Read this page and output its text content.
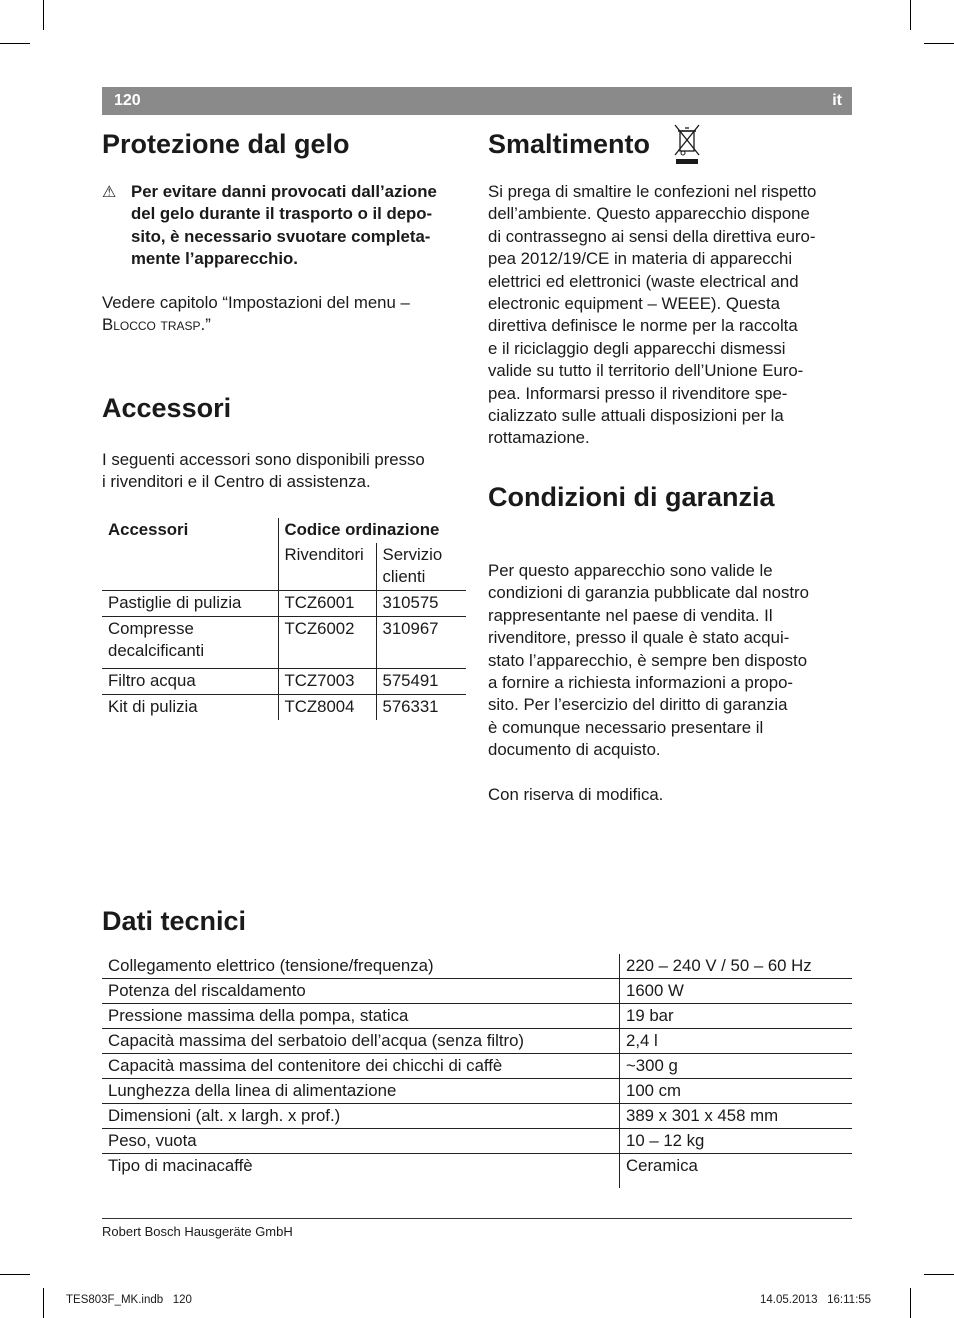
120	it
Protezione dal gelo
⚠ Per evitare danni provocati dall’azione
del gelo durante il trasporto o il depo-
sito, è necessario svuotare completa-
mente l’apparecchio.

Vedere capitolo “Impostazioni del menu –

Blocco trasp.”

Accessori

I seguenti accessori sono disponibili presso

i rivenditori e il Centro di assistenza.

Accessori	Codice ordinazione	
	Rivenditori	Servizio
clienti

Pastiglie di pulizia	TCZ6001	310575

Compresse
decalcificanti	TCZ6002	310967
Filtro acqua	TCZ7003	575491
Kit di pulizia	TCZ8004	576331
Smaltimento

Si prega di smaltire le confezioni nel rispetto

dell’ambiente. Questo apparecchio dispone

di contrassegno ai sensi della direttiva euro-

pea 2012/19/CE in materia di apparecchi

elettrici ed elettronici (waste electrical and

electronic equipment – WEEE). Questa

direttiva definisce le norme per la raccolta

e il riciclaggio degli apparecchi dismessi

valide su tutto il territorio dell’Unione Euro-

pea. Informarsi presso il rivenditore spe-

cializzato sulle attuali disposizioni per la

rottamazione.

Condizioni di garanzia

Per questo apparecchio sono valide le

condizioni di garanzia pubblicate dal nostro

rappresentante nel paese di vendita. Il

rivenditore, presso il quale è stato acqui-

stato l’apparecchio, è sempre ben disposto

a fornire a richiesta informazioni a propo-

sito. Per l’esercizio del diritto di garanzia

è comunque necessario presentare il

documento di acquisto.

Con riserva di modifica.

Dati tecnici
Collegamento elettrico (tensione/frequenza)	220 – 240 V / 50 – 60 Hz
Potenza del riscaldamento	1600 W
Pressione massima della pompa, statica	19 bar
Capacità massima del serbatoio dell’acqua (senza filtro)	2,4 l
Capacità massima del contenitore dei chicchi di caffè	~300 g
Lunghezza della linea di alimentazione	100 cm
Dimensioni (alt. x largh. x prof.)	389 x 301 x 458 mm
Peso, vuota	10 – 12 kg
Tipo di macinacaffè	Ceramica
Robert Bosch Hausgeräte GmbH
TES803F_MK.indb   120	14.05.2013   16:11:55
